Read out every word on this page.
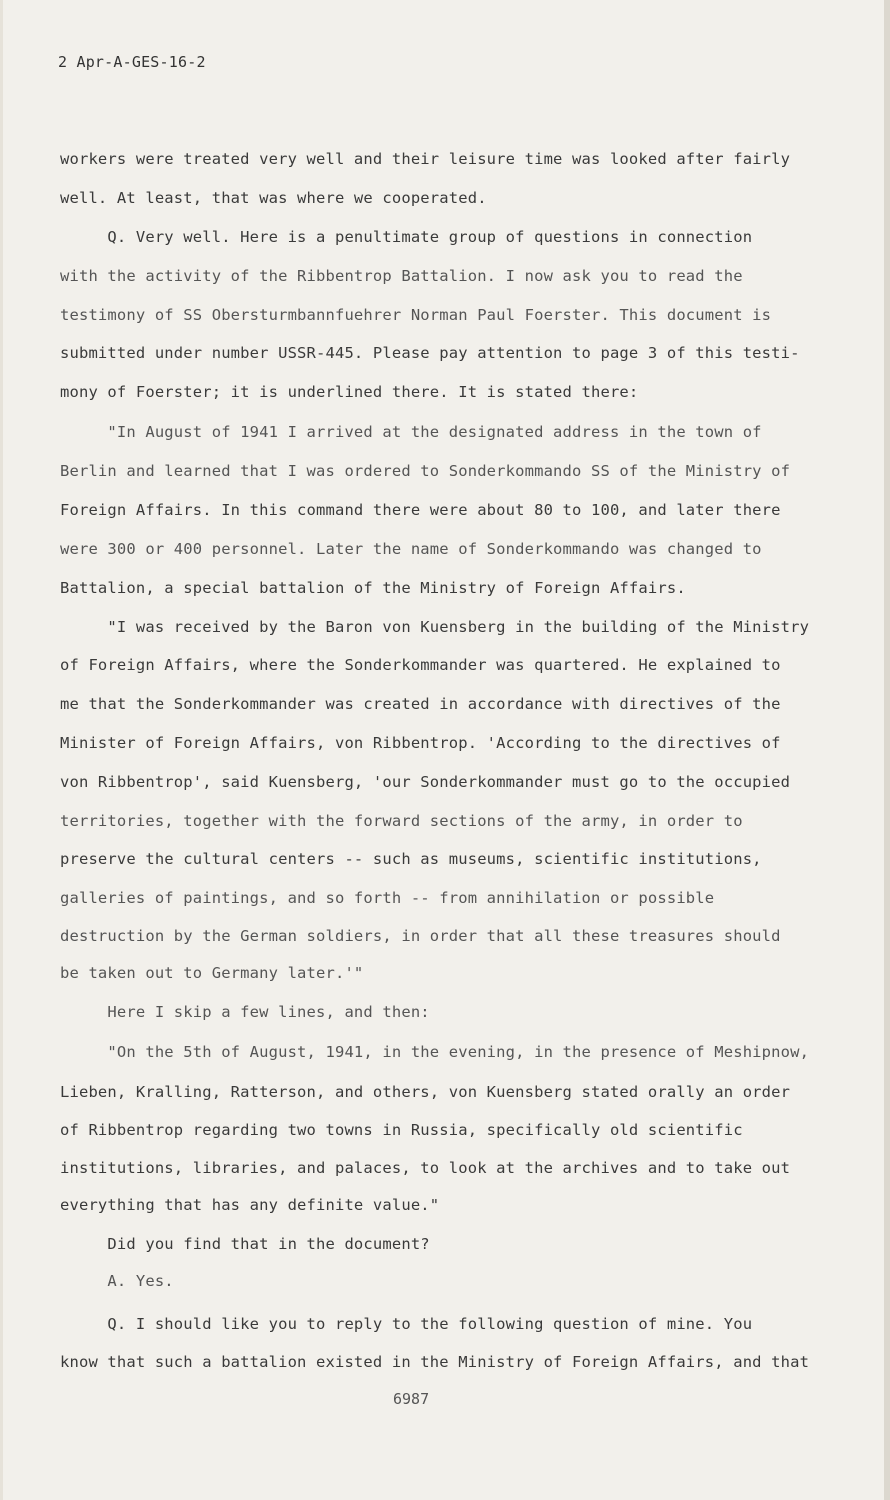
2 Apr-A-GES-16-2
workers were treated very well and their leisure time was looked after fairly
well. At least, that was where we cooperated.
Q. Very well. Here is a penultimate group of questions in connection
with the activity of the Ribbentrop Battalion. I now ask you to read the
testimony of SS Obersturmbannfuehrer Norman Paul Foerster. This document is
submitted under number USSR-445. Please pay attention to page 3 of this testi-
mony of Foerster; it is underlined there. It is stated there:
"In August of 1941 I arrived at the designated address in the town of
Berlin and learned that I was ordered to Sonderkommando SS of the Ministry of
Foreign Affairs. In this command there were about 80 to 100, and later there
were 300 or 400 personnel. Later the name of Sonderkommando was changed to
Battalion, a special battalion of the Ministry of Foreign Affairs.
"I was received by the Baron von Kuensberg in the building of the Ministry
of Foreign Affairs, where the Sonderkommander was quartered. He explained to
me that the Sonderkommander was created in accordance with directives of the
Minister of Foreign Affairs, von Ribbentrop. 'According to the directives of
von Ribbentrop', said Kuensberg, 'our Sonderkommander must go to the occupied
territories, together with the forward sections of the army, in order to
preserve the cultural centers -- such as museums, scientific institutions,
galleries of paintings, and so forth -- from annihilation or possible
destruction by the German soldiers, in order that all these treasures should
be taken out to Germany later.'"
Here I skip a few lines, and then:
"On the 5th of August, 1941, in the evening, in the presence of Meshipnow,
Lieben, Kralling, Ratterson, and others, von Kuensberg stated orally an order
of Ribbentrop regarding two towns in Russia, specifically old scientific
institutions, libraries, and palaces, to look at the archives and to take out
everything that has any definite value."
Did you find that in the document?
A. Yes.
Q. I should like you to reply to the following question of mine. You
know that such a battalion existed in the Ministry of Foreign Affairs, and that
6987
